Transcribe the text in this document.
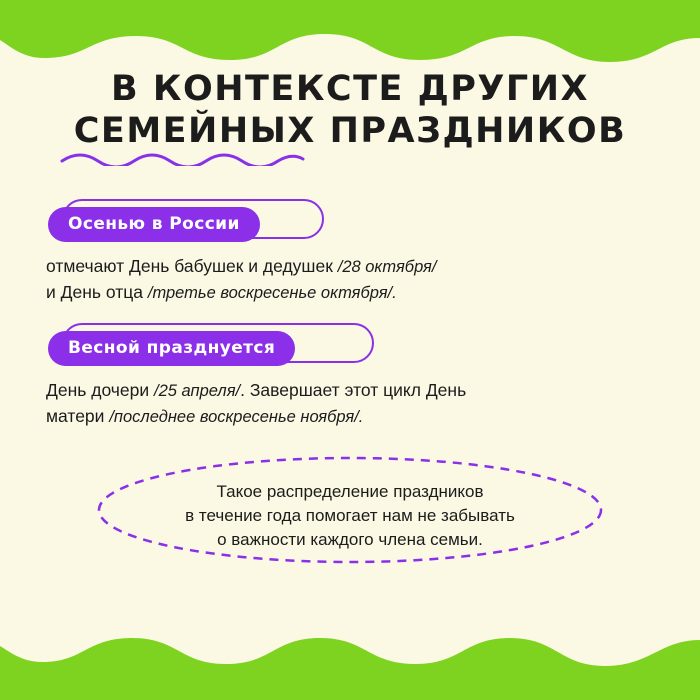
В КОНТЕКСТЕ ДРУГИХ
СЕМЕЙНЫХ ПРАЗДНИКОВ
Осенью в России
отмечают День бабушек и дедушек /28 октября/
и День отца /третье воскресенье октября/.
Весной празднуется
День дочери /25 апреля/. Завершает этот цикл День
матери /последнее воскресенье ноября/.
Такое распределение праздников
в течение года помогает нам не забывать
о важности каждого члена семьи.
